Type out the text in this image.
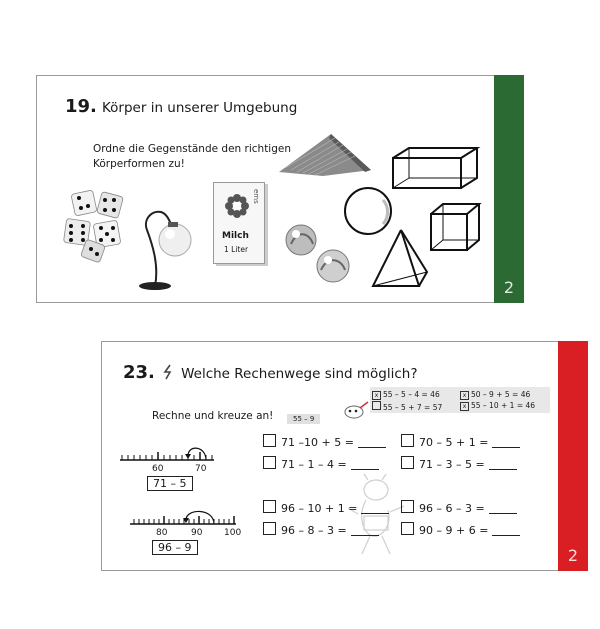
19. Körper in unserer Umgebung
Ordne die Gegenstände den richtigen
Körperformen zu!
ems
Milch
1 Liter
2
23. Welche Rechenwege sind möglich?
Rechne und kreuze an!	55 – 9
x 55 – 5 – 4 = 46	x 50 – 9 + 5 = 46
55 – 5 + 7 = 57	x 55 – 10 + 1 = 46
60	70
71 – 5
80	90 100
96 – 9
71 –10 + 5 =	70 – 5 + 1 =
71 – 1 – 4 =	71 – 3 – 5 =
96 – 10 + 1 =	96 – 6 – 3 =
96 – 8 – 3 =	90 – 9 + 6 =
2
